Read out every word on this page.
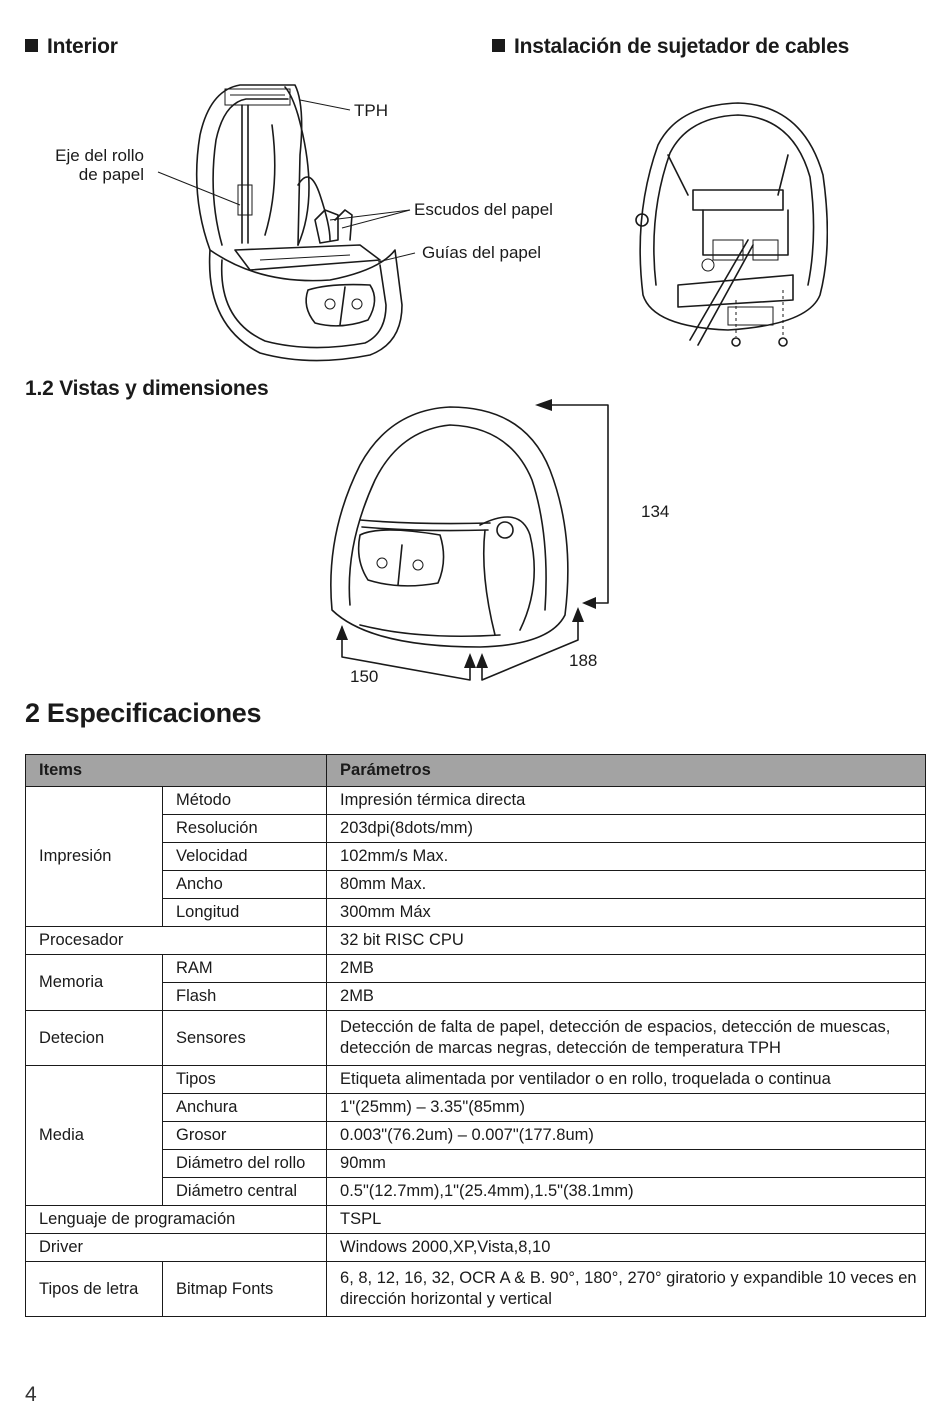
Interior	Instalación de sujetador de cables
TPH
Eje del rollo
de papel
Escudos del papel
Guías del papel
1.2 Vistas y dimensiones
134
188
150
2 Especificaciones
Items		Parámetros
Impresión	Método	Impresión térmica directa
	Resolución	203dpi(8dots/mm)
	Velocidad	102mm/s Max.
	Ancho	80mm Max.
	Longitud	300mm Máx
Procesador		32 bit RISC CPU
Memoria	RAM	2MB
	Flash	2MB
Detecion	Sensores	Detección de falta de papel, detección de espacios, detección de muescas,
detección de marcas negras, detección de temperatura TPH

Media	Tipos	Etiqueta alimentada por ventilador o en rollo, troquelada o continua
	Anchura	1"(25mm) – 3.35"(85mm)
	Grosor	0.003"(76.2um) – 0.007"(177.8um)
	Diámetro del rollo	90mm
	Diámetro central	0.5"(12.7mm),1"(25.4mm),1.5"(38.1mm)
Lenguaje de programación		TSPL
Driver		Windows 2000,XP,Vista,8,10
Tipos de letra	Bitmap Fonts	6, 8, 12, 16, 32, OCR A & B. 90°, 180°, 270° giratorio y expandible 10 veces en
dirección horizontal y vertical
4
